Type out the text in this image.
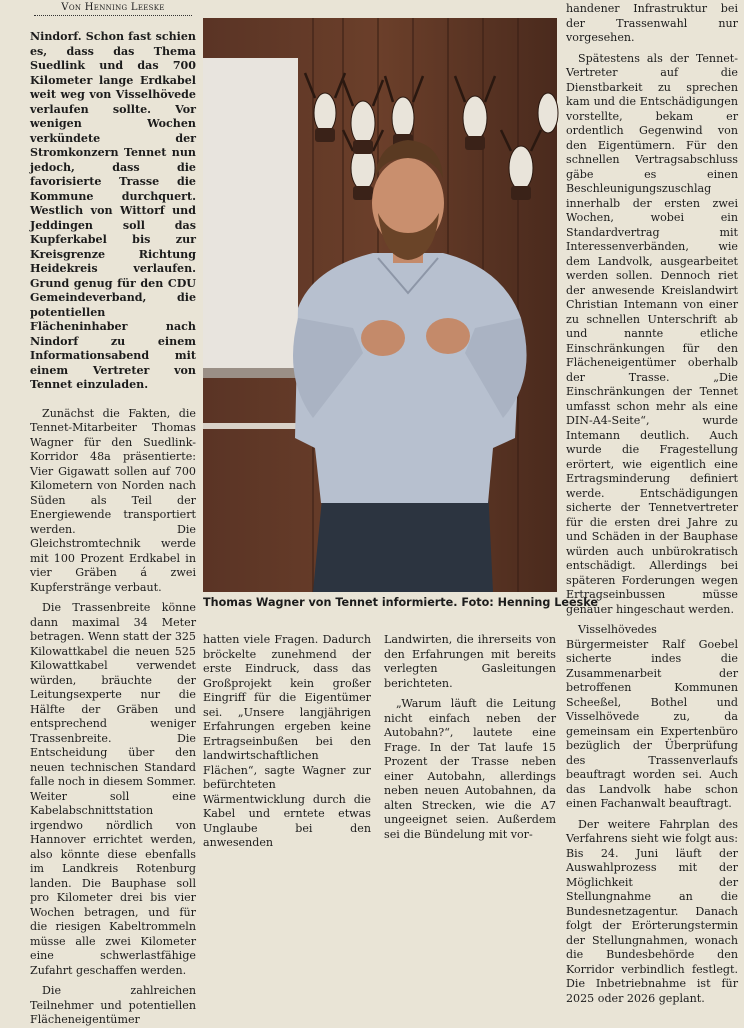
Von Henning Leeske

Nindorf. Schon fast schien es, dass das Thema Suedlink und das 700 Kilometer lange Erdkabel weit weg von Visselhövede verlaufen sollte. Vor wenigen Wochen verkündete der Stromkonzern Tennet nun jedoch, dass die favorisierte Trasse die Kommune durchquert. Westlich von Wittorf und Jeddingen soll das Kupferkabel bis zur Kreisgrenze Richtung Heidekreis verlaufen. Grund genug für den CDU Gemeindeverband, die potentiellen Flächeninhaber nach Nindorf zu einem Informationsabend mit einem Vertreter von Tennet einzuladen.

Zunächst die Fakten, die Tennet-Mitarbeiter Thomas Wagner für den Suedlink-Korridor 48a präsentierte: Vier Gigawatt sollen auf 700 Kilometern von Norden nach Süden als Teil der Energiewende transportiert werden. Die Gleichstromtechnik werde mit 100 Prozent Erdkabel in vier Gräben á zwei Kupferstränge verbaut.

Die Trassenbreite könne dann maximal 34 Meter betragen. Wenn statt der 325 Kilowattkabel die neuen 525 Kilowattkabel verwendet würden, bräuchte der Leitungsexperte nur die Hälfte der Gräben und entsprechend weniger Trassenbreite. Die Entscheidung über den neuen technischen Standard falle noch in diesem Sommer. Weiter soll eine Kabelabschnittstation irgendwo nördlich von Hannover errichtet werden, also könnte diese ebenfalls im Landkreis Rotenburg landen. Die Bauphase soll pro Kilometer drei bis vier Wochen betragen, und für die riesigen Kabeltrommeln müsse alle zwei Kilometer eine schwerlastfähige Zufahrt geschaffen werden.

Die zahlreichen Teilnehmer und potentiellen Flächeneigentümer

Thomas Wagner von Tennet informierte. Foto: Henning Leeske

hatten viele Fragen. Dadurch bröckelte zunehmend der erste Eindruck, dass das Großprojekt kein großer Eingriff für die Eigentümer sei. „Unsere langjährigen Erfahrungen ergeben keine Ertragseinbußen bei den landwirtschaftlichen Flächen“, sagte Wagner zur befürchteten Wärmentwicklung durch die Kabel und erntete etwas Unglaube bei den anwesenden

Landwirten, die ihrerseits von den Erfahrungen mit bereits verlegten Gasleitungen berichteten.

„Warum läuft die Leitung nicht einfach neben der Autobahn?“, lautete eine Frage. In der Tat laufe 15 Prozent der Trasse neben einer Autobahn, allerdings neben neuen Autobahnen, da alten Strecken, wie die A7 ungeeignet seien. Außerdem sei die Bündelung mit vor-

handener Infrastruktur bei der Trassenwahl nur vorgesehen.

Spätestens als der Tennet-Vertreter auf die Dienstbarkeit zu sprechen kam und die Entschädigungen vorstellte, bekam er ordentlich Gegenwind von den Eigentümern. Für den schnellen Vertragsabschluss gäbe es einen Beschleunigungszuschlag innerhalb der ersten zwei Wochen, wobei ein Standardvertrag mit Interessenverbänden, wie dem Landvolk, ausgearbeitet werden sollen. Dennoch riet der anwesende Kreislandwirt Christian Intemann von einer zu schnellen Unterschrift ab und nannte etliche Einschränkungen für den Flächeneigentümer oberhalb der Trasse. „Die Einschränkungen der Tennet umfasst schon mehr als eine DIN-A4-Seite“, wurde Intemann deutlich. Auch wurde die Fragestellung erörtert, wie eigentlich eine Ertragsminderung definiert werde. Entschädigungen sicherte der Tennetvertreter für die ersten drei Jahre zu und Schäden in der Bauphase würden auch unbürokratisch entschädigt. Allerdings bei späteren Forderungen wegen Ertragseinbussen müsse genauer hingeschaut werden.

Visselhövedes Bürgermeister Ralf Goebel sicherte indes die Zusammenarbeit der betroffenen Kommunen Scheeßel, Bothel und Visselhövede zu, da gemeinsam ein Expertenbüro bezüglich der Überprüfung des Trassenverlaufs beauftragt worden sei. Auch das Landvolk habe schon einen Fachanwalt beauftragt.

Der weitere Fahrplan des Verfahrens sieht wie folgt aus: Bis 24. Juni läuft der Auswahlprozess mit der Möglichkeit der Stellungnahme an die Bundesnetzagentur. Danach folgt der Erörterungstermin der Stellungnahmen, wonach die Bundesbehörde den Korridor verbindlich festlegt. Die Inbetriebnahme ist für 2025 oder 2026 geplant.
